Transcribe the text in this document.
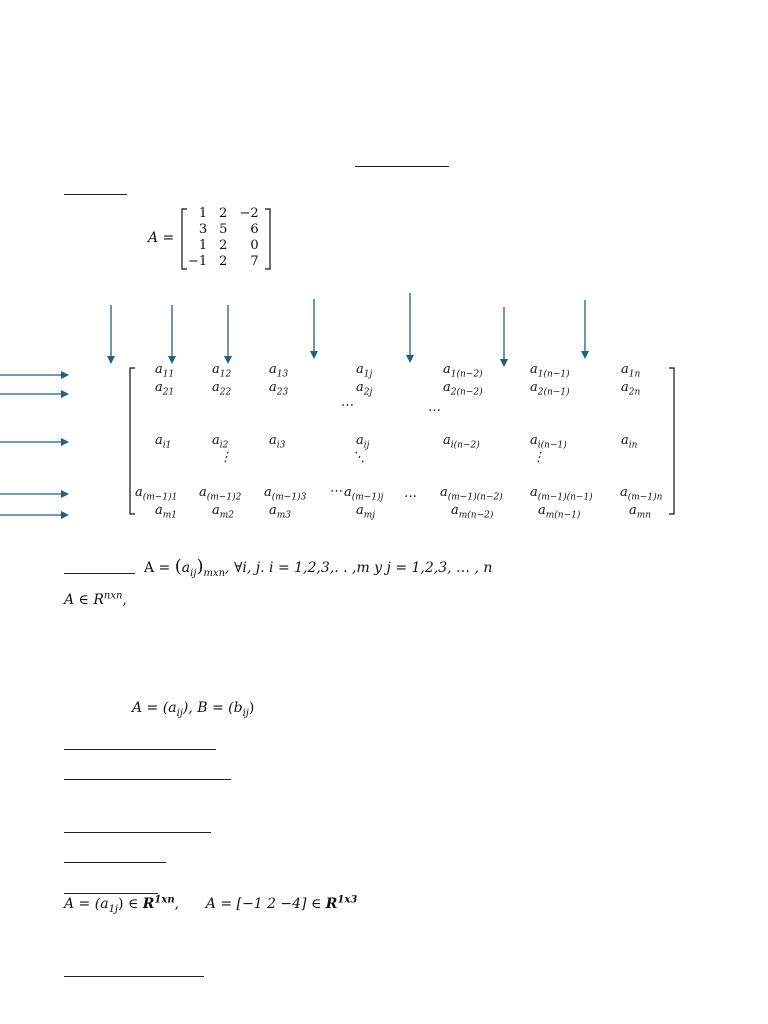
A =
1	2	−2
3	5	6
1	2	0
−1	2	7
$a_{11}$	$a_{12}$	$a_{13}$	$a_{1j}$	$a_{1(n-2)}$	$a_{1(n-1)}$	$a_{1n}$
$a_{21}$	$a_{22}$	$a_{23}$	$a_{2j}$	$a_{2(n-2)}$	$a_{2(n-1)}$	$a_{2n}$
$a_{i1}$	$a_{i2}$	$a_{i3}$	$a_{ij}$	$a_{i(n-2)}$	$a_{i(n-1)}$	$a_{in}$
$a_{(m-1)1}$ $a_{(m-1)2}$ $a_{(m-1)3}$	$a_{(m-1)j}$	$a_{(m-1)(n-2)}$ $a_{(m-1)(n-1)}$ $a_{(m-1)n}$
$a_{m1}$	$a_{m2}$	$a_{m3}$	$a_{mj}$	$a_{m(n-2)}$	$a_{m(n-1)}$	$a_{mn}$
⋯	…
⋮	⋱	⋮
⋯	…
$A = (a_{ij})_{mxn}$, ∀i, j. i = 1,2,3,. . ,m y j = 1,2,3, … , n
A ∈ $R^{nxn}$,
$A = (a_{ij})$, $B = (b_{ij})$
$A = (a_{1j})$ ∈ $R^{1xn}$,      A = [−1 2 −4] ∈ $R^{1x3}$
